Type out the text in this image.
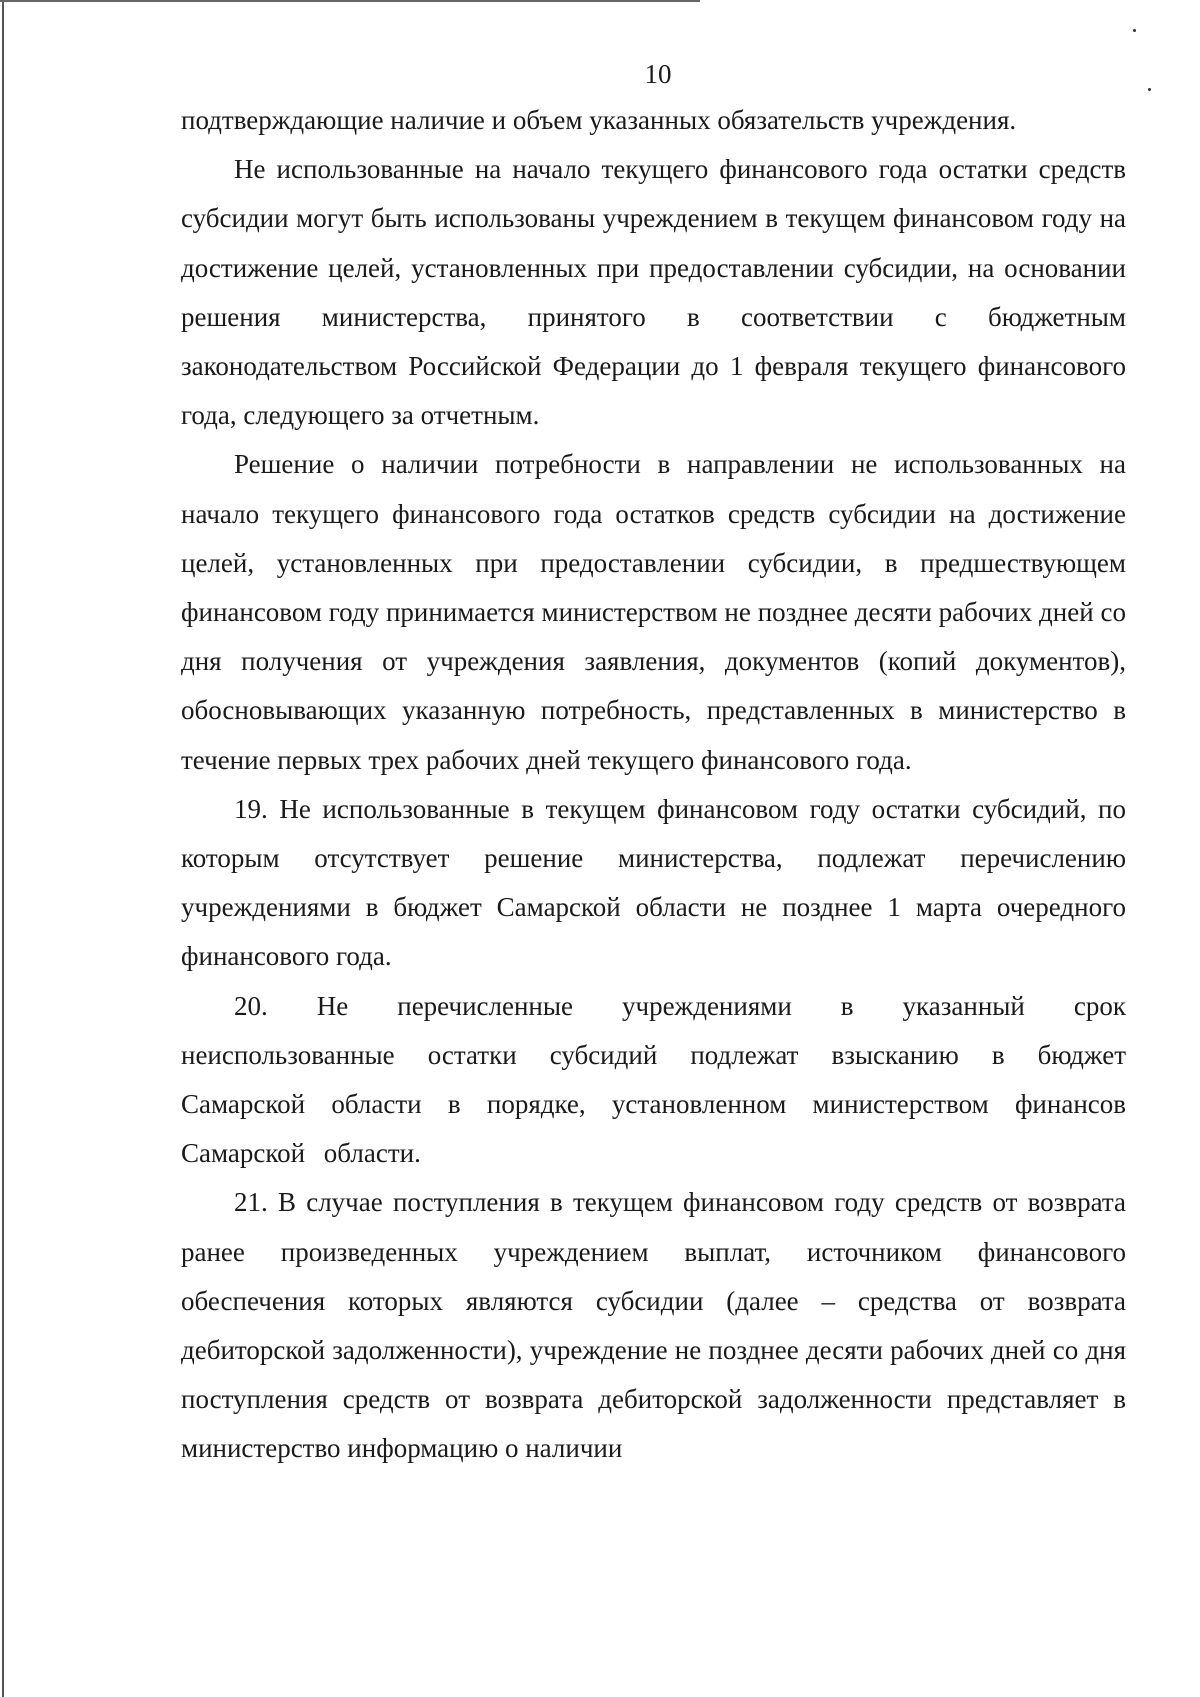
10

подтверждающие наличие и объем указанных обязательств учреждения.

Не использованные на начало текущего финансового года остатки средств субсидии могут быть использованы учреждением в текущем финансовом году на достижение целей, установленных при предоставлении субсидии, на основании решения министерства, принятого в соответствии с бюджетным законодательством Российской Федерации до 1 февраля текущего финансового года, следующего за отчетным.

Решение о наличии потребности в направлении не использованных на начало текущего финансового года остатков средств субсидии на достижение целей, установленных при предоставлении субсидии, в предшествующем финансовом году принимается министерством не позднее десяти рабочих дней со дня получения от учреждения заявления, документов (копий документов), обосновывающих указанную потребность, представленных в министерство в течение первых трех рабочих дней текущего финансового года.

19. Не использованные в текущем финансовом году остатки субсидий, по которым отсутствует решение министерства, подлежат перечислению учреждениями в бюджет Самарской области не позднее 1 марта очередного финансового года.

20. Не перечисленные учреждениями в указанный срок неиспользованные остатки субсидий подлежат взысканию в бюджет Самарской области в порядке, установленном министерством финансов Самарской области.

21. В случае поступления в текущем финансовом году средств от возврата ранее произведенных учреждением выплат, источником финансового обеспечения которых являются субсидии (далее – средства от возврата дебиторской задолженности), учреждение не позднее десяти рабочих дней со дня поступления средств от возврата дебиторской задолженности представляет в министерство информацию о наличии
